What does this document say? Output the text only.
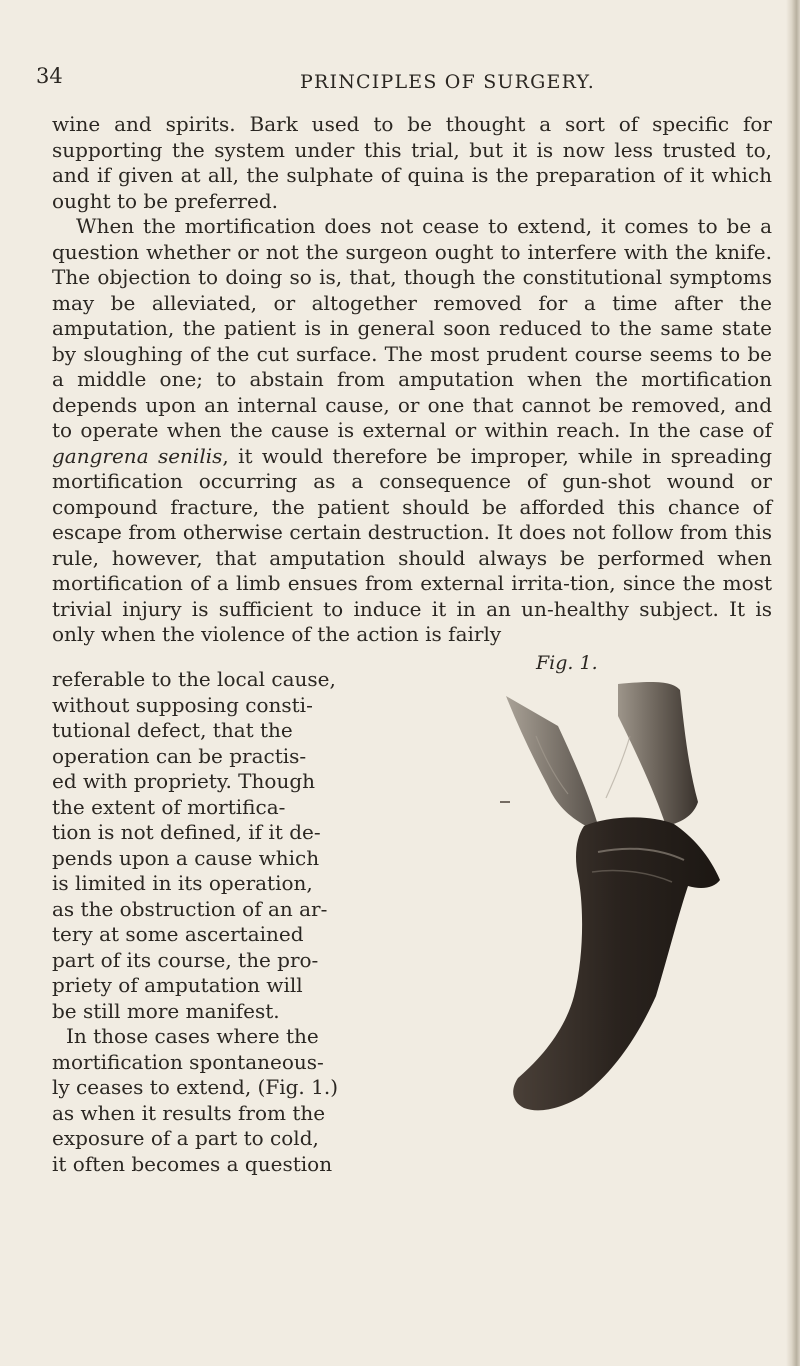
34	PRINCIPLES OF SURGERY.

wine and spirits. Bark used to be thought a sort of specific for supporting the system under this trial, but it is now less trusted to, and if given at all, the sulphate of quina is the preparation of it which ought to be preferred.

When the mortification does not cease to extend, it comes to be a question whether or not the surgeon ought to interfere with the knife. The objection to doing so is, that, though the constitutional symptoms may be alleviated, or altogether removed for a time after the amputation, the patient is in general soon reduced to the same state by sloughing of the cut surface. The most prudent course seems to be a middle one; to abstain from amputation when the mortification depends upon an internal cause, or one that cannot be removed, and to operate when the cause is external or within reach. In the case of gangrena senilis, it would therefore be improper, while in spreading mortification occurring as a consequence of gun-shot wound or compound fracture, the patient should be afforded this chance of escape from otherwise certain destruction. It does not follow from this rule, however, that amputation should always be performed when mortification of a limb ensues from external irrita-tion, since the most trivial injury is sufficient to induce it in an un-healthy subject. It is only when the violence of the action is fairly

referable to the local cause,
without supposing consti-
tutional defect, that the
operation can be practis-
ed with propriety. Though
the extent of mortifica-
tion is not defined, if it de-
pends upon a cause which
is limited in its operation,
as the obstruction of an ar-
tery at some ascertained
part of its course, the pro-
priety of amputation will
be still more manifest.
In those cases where the
mortification spontaneous-
ly ceases to extend, (Fig. 1.)
as when it results from the
exposure of a part to cold,
it often becomes a question
Fig. 1.
